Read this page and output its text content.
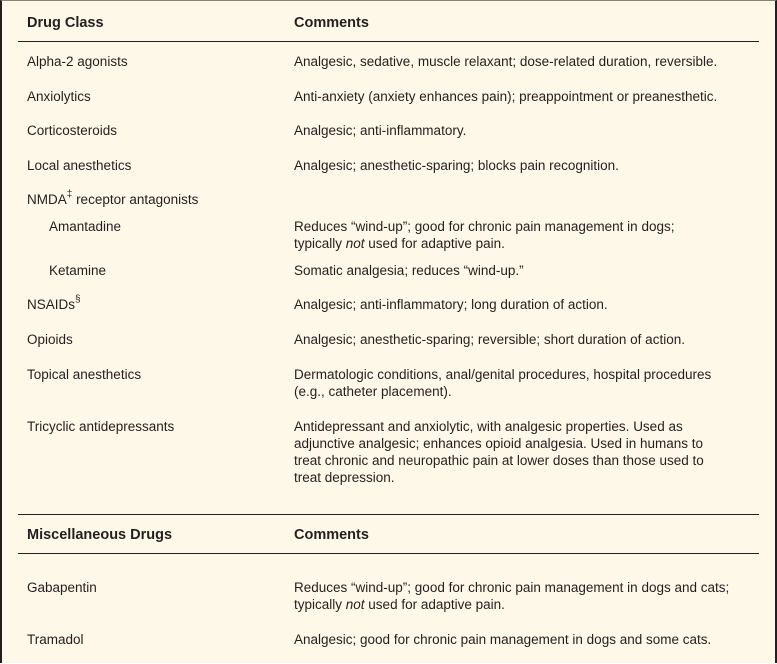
Drug Class	Comments
Alpha-2 agonists	Analgesic, sedative, muscle relaxant; dose-related duration, reversible.
Anxiolytics	Anti-anxiety (anxiety enhances pain); preappointment or preanesthetic.
Corticosteroids	Analgesic; anti-inflammatory.
Local anesthetics	Analgesic; anesthetic-sparing; blocks pain recognition.
NMDA‡ receptor antagonists
Amantadine	Reduces “wind-up”; good for chronic pain management in dogs;
typically not used for adaptive pain.
Ketamine	Somatic analgesia; reduces “wind-up.”
NSAIDs§	Analgesic; anti-inflammatory; long duration of action.
Opioids	Analgesic; anesthetic-sparing; reversible; short duration of action.
Topical anesthetics	Dermatologic conditions, anal/genital procedures, hospital procedures
(e.g., catheter placement).
Tricyclic antidepressants	Antidepressant and anxiolytic, with analgesic properties. Used as
adjunctive analgesic; enhances opioid analgesia. Used in humans to
treat chronic and neuropathic pain at lower doses than those used to
treat depression.
Miscellaneous Drugs	Comments
Gabapentin	Reduces “wind-up”; good for chronic pain management in dogs and cats;
typically not used for adaptive pain.
Tramadol	Analgesic; good for chronic pain management in dogs and some cats.
